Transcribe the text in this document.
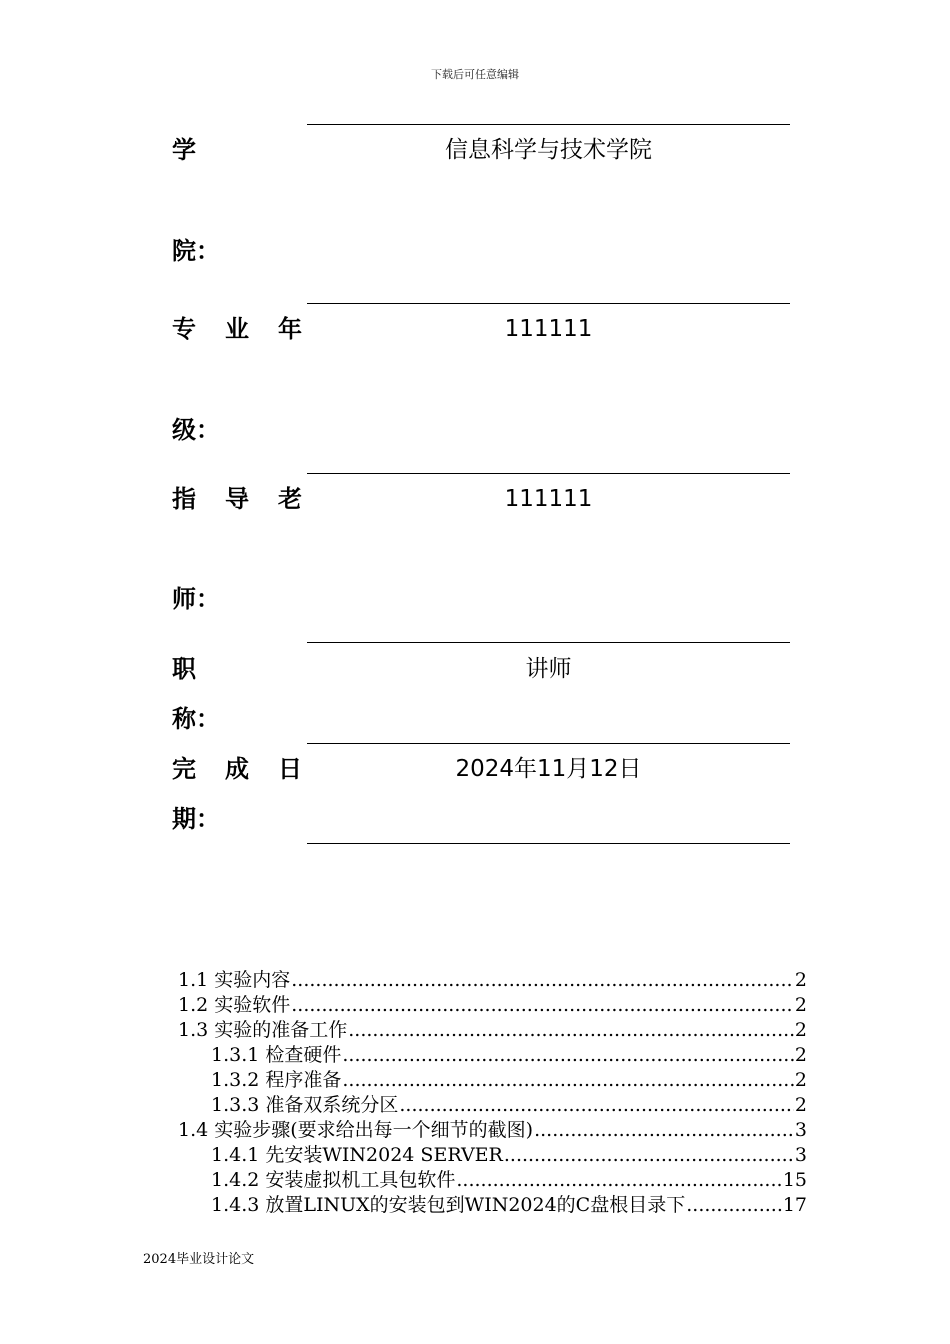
下载后可任意编辑
学	信息科学与技术学院
院：
专 业 年	111111
级：
指 导 老	111111
师：
职	讲师
称：
完 成 日	2024年11月12日
期：
1.1 实验内容 .....	2
1.2 实验软件 .....	2
1.3 实验的准备工作 .....	2
1.3.1 检查硬件 .....	2
1.3.2 程序准备 .....	2
1.3.3 准备双系统分区 .....	2
1.4 实验步骤(要求给出每一个细节的截图) .....	3
1.4.1 先安装WIN2024 SERVER .....	3
1.4.2 安装虚拟机工具包软件 .....	15
1.4.3 放置LINUX的安装包到WIN2024的C盘根目录下 .....	17
2024毕业设计论文
